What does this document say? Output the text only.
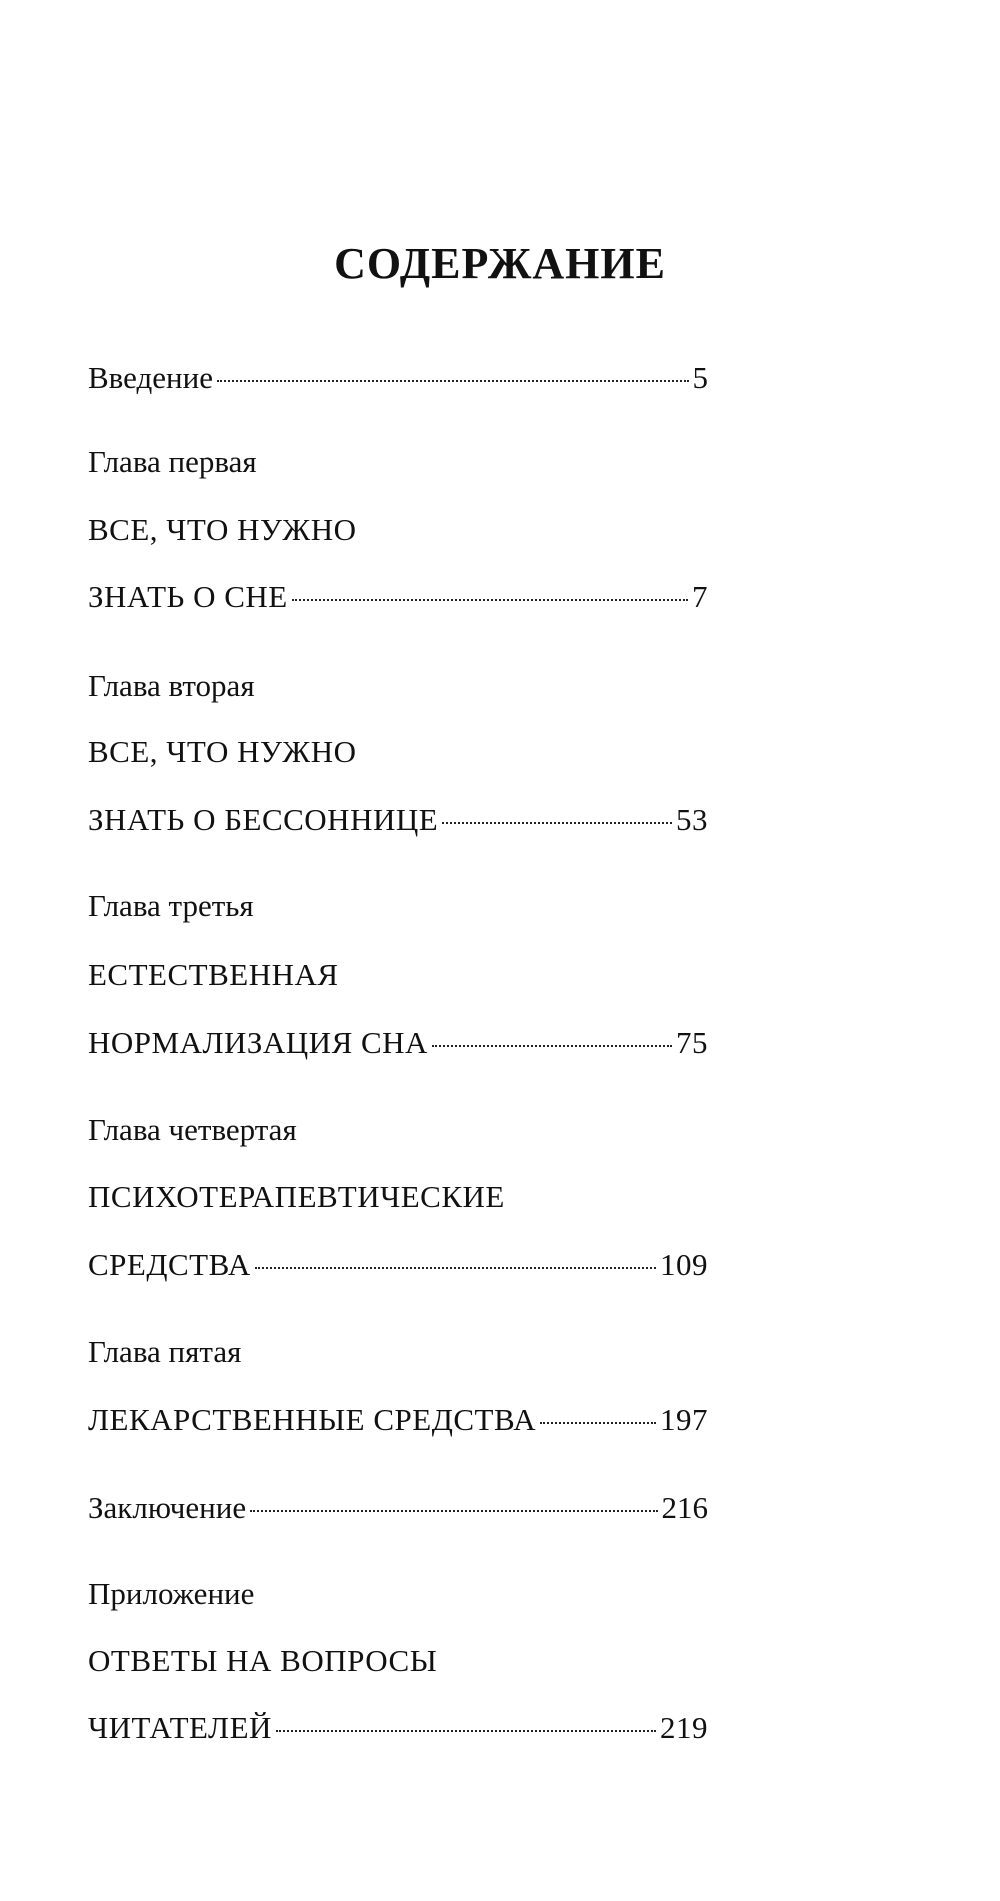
СОДЕРЖАНИЕ
Введение	5
Глава первая
ВСЕ, ЧТО НУЖНО
ЗНАТЬ О СНЕ	7
Глава вторая
ВСЕ, ЧТО НУЖНО
ЗНАТЬ О БЕССОННИЦЕ	53
Глава третья
ЕСТЕСТВЕННАЯ
НОРМАЛИЗАЦИЯ СНА	75
Глава четвертая
ПСИХОТЕРАПЕВТИЧЕСКИЕ
СРЕДСТВА	109
Глава пятая
ЛЕКАРСТВЕННЫЕ СРЕДСТВА	197
Заключение	216
Приложение
ОТВЕТЫ НА ВОПРОСЫ
ЧИТАТЕЛЕЙ	219
